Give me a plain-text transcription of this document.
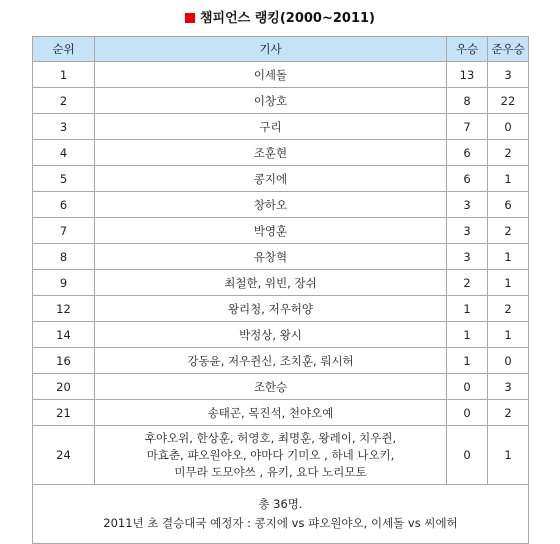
챔피언스 랭킹(2000~2011)
순위	기사	우승	준우승
1	이세돌	13	3
2	이창호	8	22
3	구리	7	0
4	조훈현	6	2
5	콩지에	6	1
6	창하오	3	6
7	박영훈	3	2
8	유창혁	3	1
9	최철한, 위빈, 장쉬	2	1
12	왕리청, 저우허양	1	2
14	박정상, 왕시	1	1
16	강동윤, 저우쥔신, 조치훈, 뤄시허	1	0
20	조한승	0	3
21	송태곤, 목진석, 천야오예	0	2
24	후야오위, 한상훈, 허영호, 최명훈, 왕레이, 치우쥔,
마효춘, 퍄오원야오, 야마다 기미오 , 하네 나오키,
미무라 도모야쓰 , 유키, 요다 노리모토	0	1

총 36명.
2011년 초 결승대국 예정자 : 콩지에 vs 퍄오원야오, 이세돌 vs 씨에허			
